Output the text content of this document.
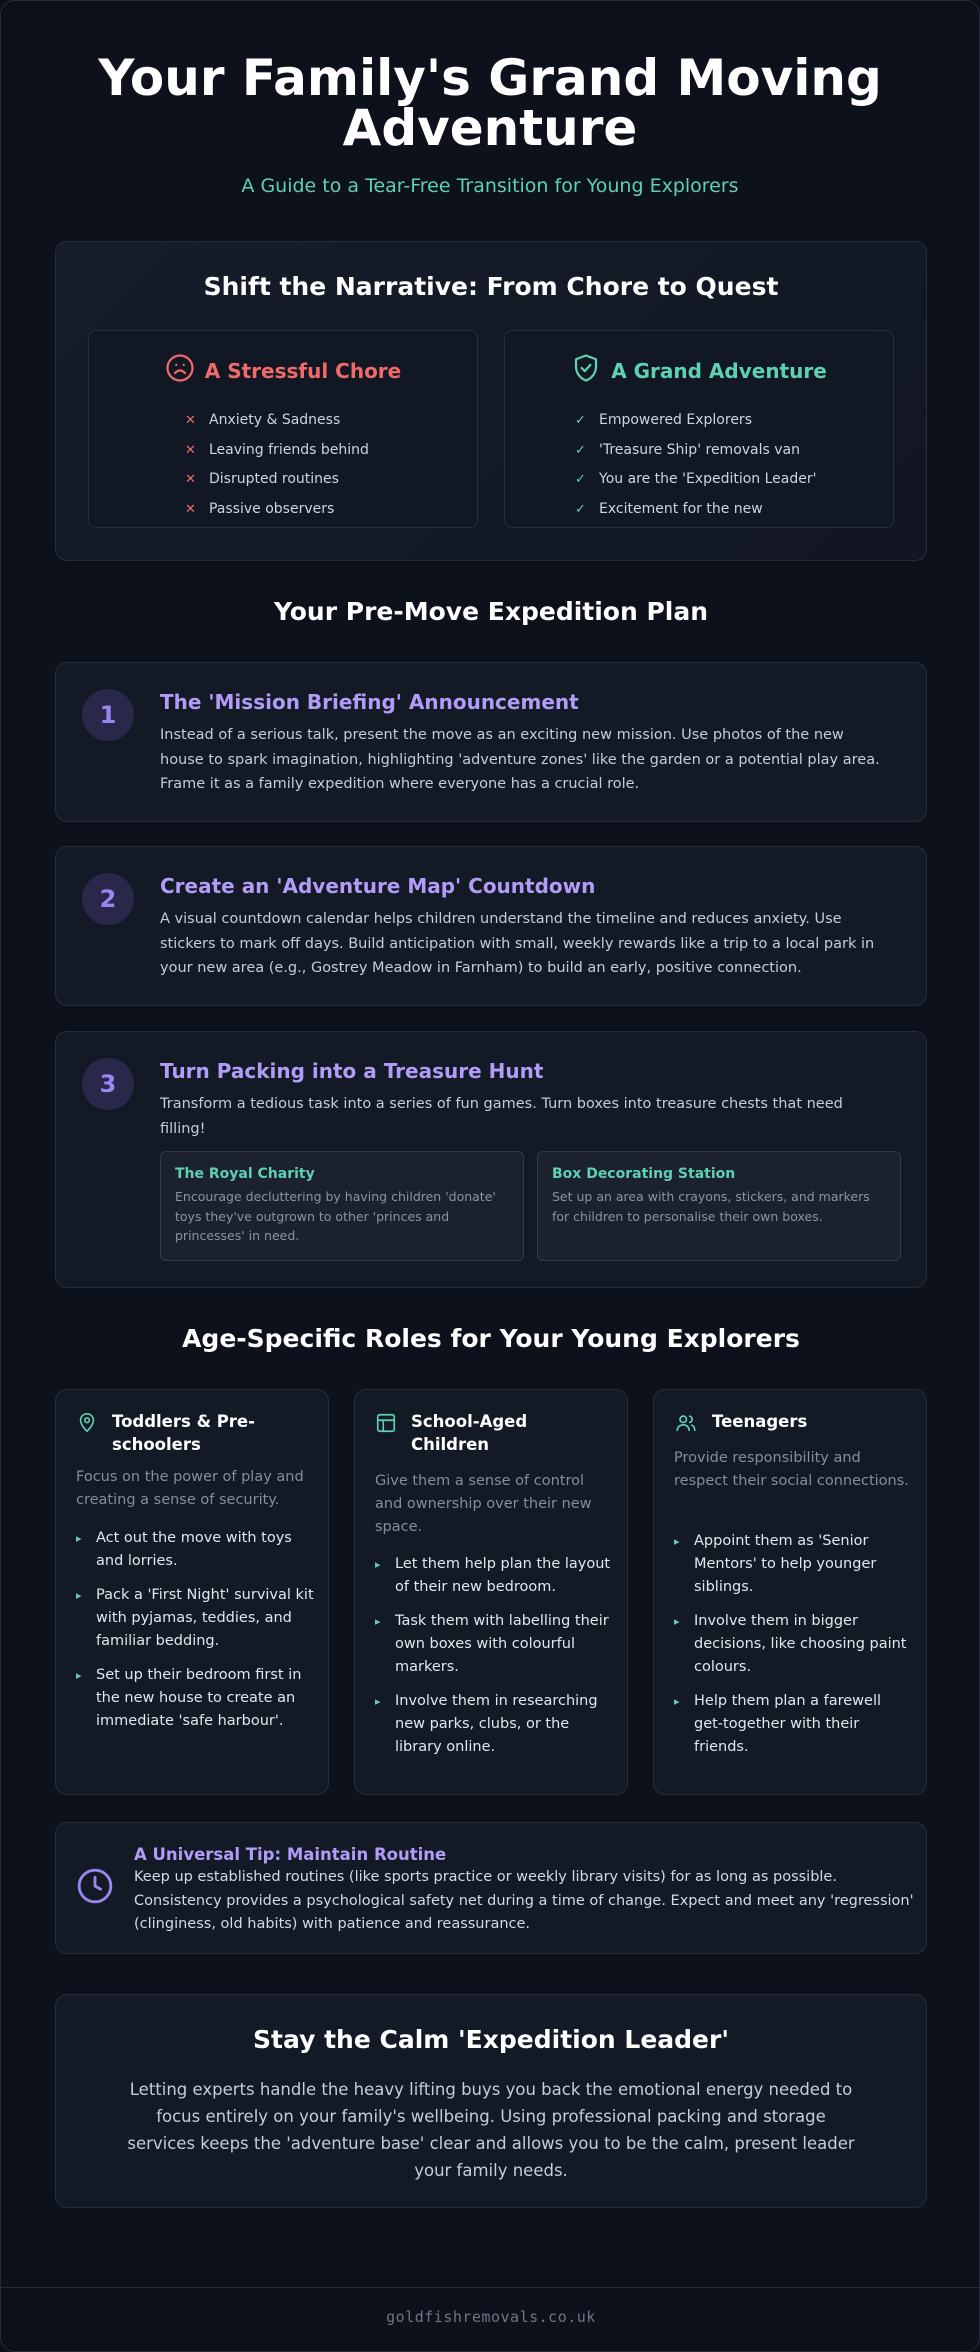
Your Family's Grand Moving Adventure
A Guide to a Tear-Free Transition for Young Explorers
Shift the Narrative: From Chore to Quest
A Stressful Chore
✕ Anxiety & Sadness
✕ Leaving friends behind
✕ Disrupted routines
✕ Passive observers
A Grand Adventure
✓ Empowered Explorers
✓ 'Treasure Ship' removals van
✓ You are the 'Expedition Leader'
✓ Excitement for the new
Your Pre-Move Expedition Plan
1	The 'Mission Briefing' Announcement

Instead of a serious talk, present the move as an exciting new mission. Use photos of the new house to spark imagination, highlighting 'adventure zones' like the garden or a potential play area. Frame it as a family expedition where everyone has a crucial role.

2	Create an 'Adventure Map' Countdown

A visual countdown calendar helps children understand the timeline and reduces anxiety. Use stickers to mark off days. Build anticipation with small, weekly rewards like a trip to a local park in your new area (e.g., Gostrey Meadow in Farnham) to build an early, positive connection.

3	Turn Packing into a Treasure Hunt

Transform a tedious task into a series of fun games. Turn boxes into treasure chests that need filling!

The Royal Charity

Encourage decluttering by having children 'donate' toys they've outgrown to other 'princes and princesses' in need.

Box Decorating Station

Set up an area with crayons, stickers, and markers for children to personalise their own boxes.

Age-Specific Roles for Your Young Explorers
Toddlers & Pre-schoolers
Focus on the power of play and creating a sense of security.
▸ Act out the move with toys and lorries.
▸ Pack a 'First Night' survival kit with pyjamas, teddies, and familiar bedding.
▸ Set up their bedroom first in the new house to create an immediate 'safe harbour'.
School-Aged Children
Give them a sense of control and ownership over their new space.
▸ Let them help plan the layout of their new bedroom.
▸ Task them with labelling their own boxes with colourful markers.
▸ Involve them in researching new parks, clubs, or the library online.
Teenagers
Provide responsibility and respect their social connections.
▸ Appoint them as 'Senior Mentors' to help younger siblings.
▸ Involve them in bigger decisions, like choosing paint colours.
▸ Help them plan a farewell get-together with their friends.
A Universal Tip: Maintain Routine

Keep up established routines (like sports practice or weekly library visits) for as long as possible. Consistency provides a psychological safety net during a time of change. Expect and meet any 'regression' (clinginess, old habits) with patience and reassurance.

Stay the Calm 'Expedition Leader'

Letting experts handle the heavy lifting buys you back the emotional energy needed to focus entirely on your family's wellbeing. Using professional packing and storage services keeps the 'adventure base' clear and allows you to be the calm, present leader your family needs.

goldfishremovals.co.uk
